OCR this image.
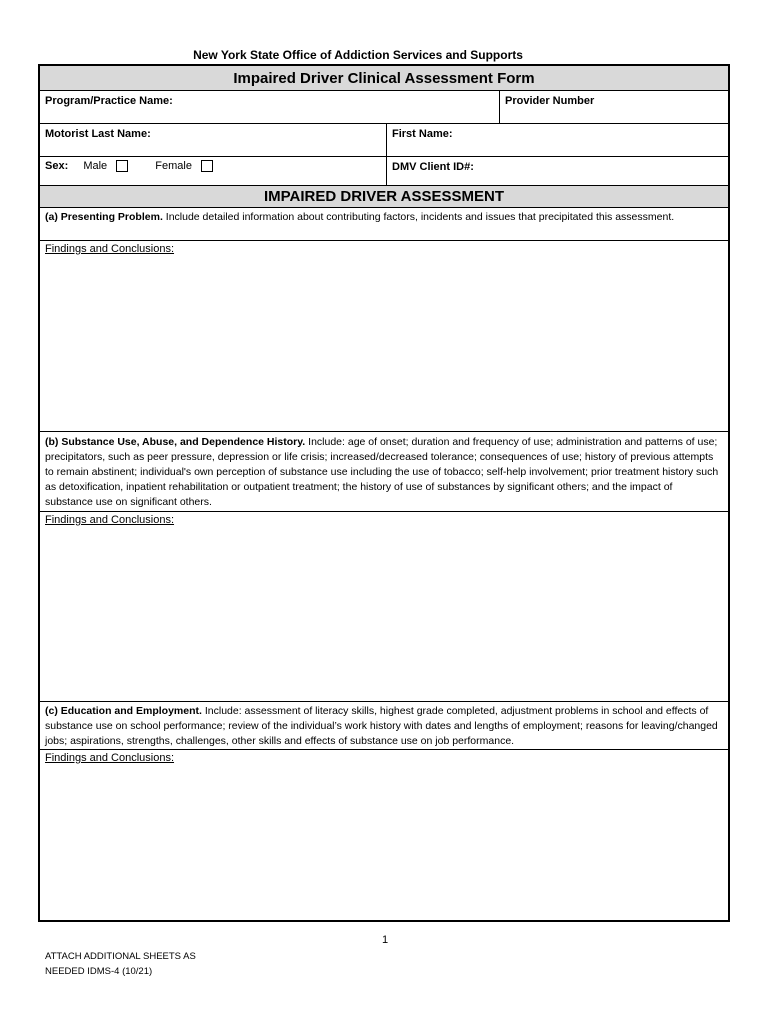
New York State Office of Addiction Services and Supports
Impaired Driver Clinical Assessment Form
Program/Practice Name:	Provider Number
Motorist Last Name:	First Name:
Sex: Male	Female	DMV Client ID#:
IMPAIRED DRIVER ASSESSMENT
(a) Presenting Problem. Include detailed information about contributing factors, incidents and issues that precipitated this assessment.
Findings and Conclusions:
(b) Substance Use, Abuse, and Dependence History. Include: age of onset; duration and frequency of use; administration and patterns of use; precipitators, such as peer pressure, depression or life crisis; increased/decreased tolerance; consequences of use; history of previous attempts to remain abstinent; individual's own perception of substance use including the use of tobacco; self-help involvement; prior treatment history such as detoxification, inpatient rehabilitation or outpatient treatment; the history of use of substances by significant others; and the impact of substance use on significant others.
Findings and Conclusions:
(c) Education and Employment. Include: assessment of literacy skills, highest grade completed, adjustment problems in school and effects of substance use on school performance; review of the individual’s work history with dates and lengths of employment; reasons for leaving/changed jobs; aspirations, strengths, challenges, other skills and effects of substance use on job performance.
Findings and Conclusions:
1
ATTACH ADDITIONAL SHEETS AS
NEEDED IDMS-4 (10/21)
